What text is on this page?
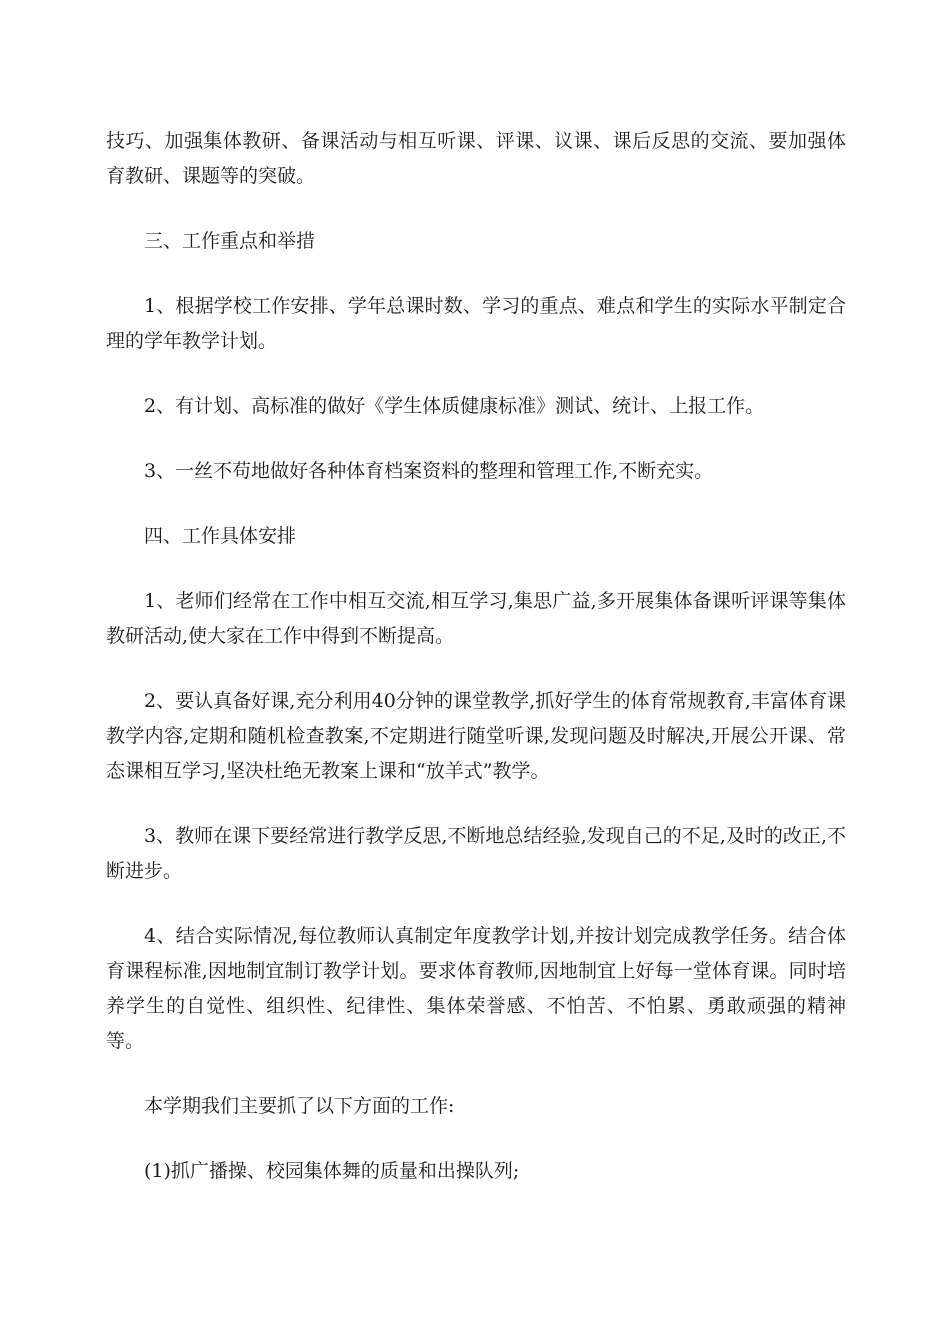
技巧、加强集体教研、备课活动与相互听课、评课、议课、课后反思的交流、要加强体育教研、课题等的突破。

三、工作重点和举措

1、根据学校工作安排、学年总课时数、学习的重点、难点和学生的实际水平制定合理的学年教学计划。

2、有计划、高标准的做好《学生体质健康标准》测试、统计、上报工作。

3、一丝不苟地做好各种体育档案资料的整理和管理工作,不断充实。

四、工作具体安排

1、老师们经常在工作中相互交流,相互学习,集思广益,多开展集体备课听评课等集体教研活动,使大家在工作中得到不断提高。

2、要认真备好课,充分利用40分钟的课堂教学,抓好学生的体育常规教育,丰富体育课教学内容,定期和随机检查教案,不定期进行随堂听课,发现问题及时解决,开展公开课、常态课相互学习,坚决杜绝无教案上课和“放羊式”教学。

3、教师在课下要经常进行教学反思,不断地总结经验,发现自己的不足,及时的改正,不断进步。

4、结合实际情况,每位教师认真制定年度教学计划,并按计划完成教学任务。结合体育课程标准,因地制宜制订教学计划。要求体育教师,因地制宜上好每一堂体育课。同时培养学生的自觉性、组织性、纪律性、集体荣誉感、不怕苦、不怕累、勇敢顽强的精神等。

本学期我们主要抓了以下方面的工作:

(1)抓广播操、校园集体舞的质量和出操队列;
